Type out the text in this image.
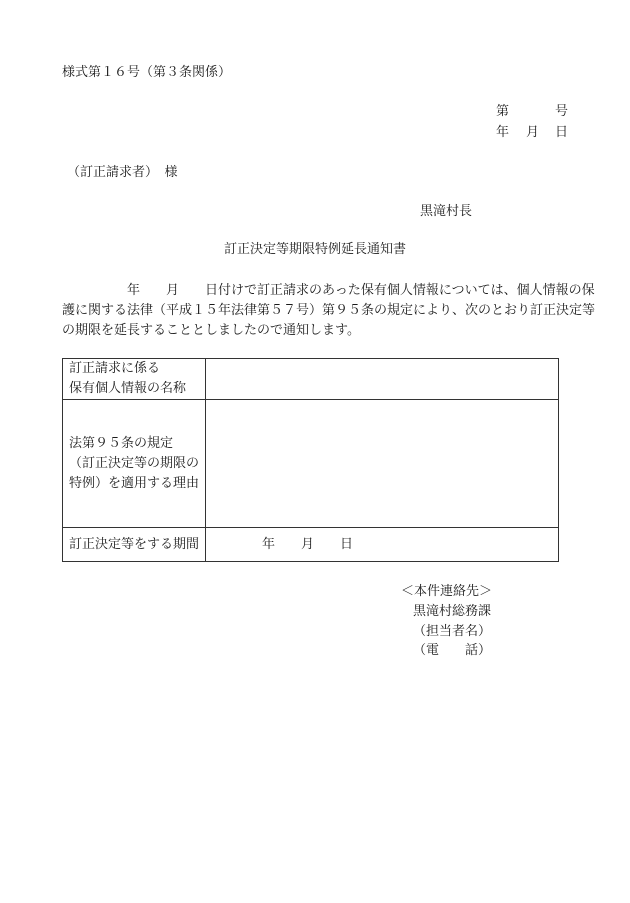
様式第１６号（第３条関係）
第	号
年 月 日
（訂正請求者）　様
黒滝村長
訂正決定等期限特例延長通知書
　　　　　年　　月　　日付けで訂正請求のあった保有個人情報については、個人情報の保
護に関する法律（平成１５年法律第５７号）第９５条の規定により、次のとおり訂正決定等
の期限を延長することとしましたので通知します。
訂正請求に係る
保有個人情報の名称	

法第９５条の規定
（訂正決定等の期限の
特例）を適用する理由	

訂正決定等をする期間	年　　月　　日
＜本件連絡先＞
黒滝村総務課
（担当者名）
（電　　話）
